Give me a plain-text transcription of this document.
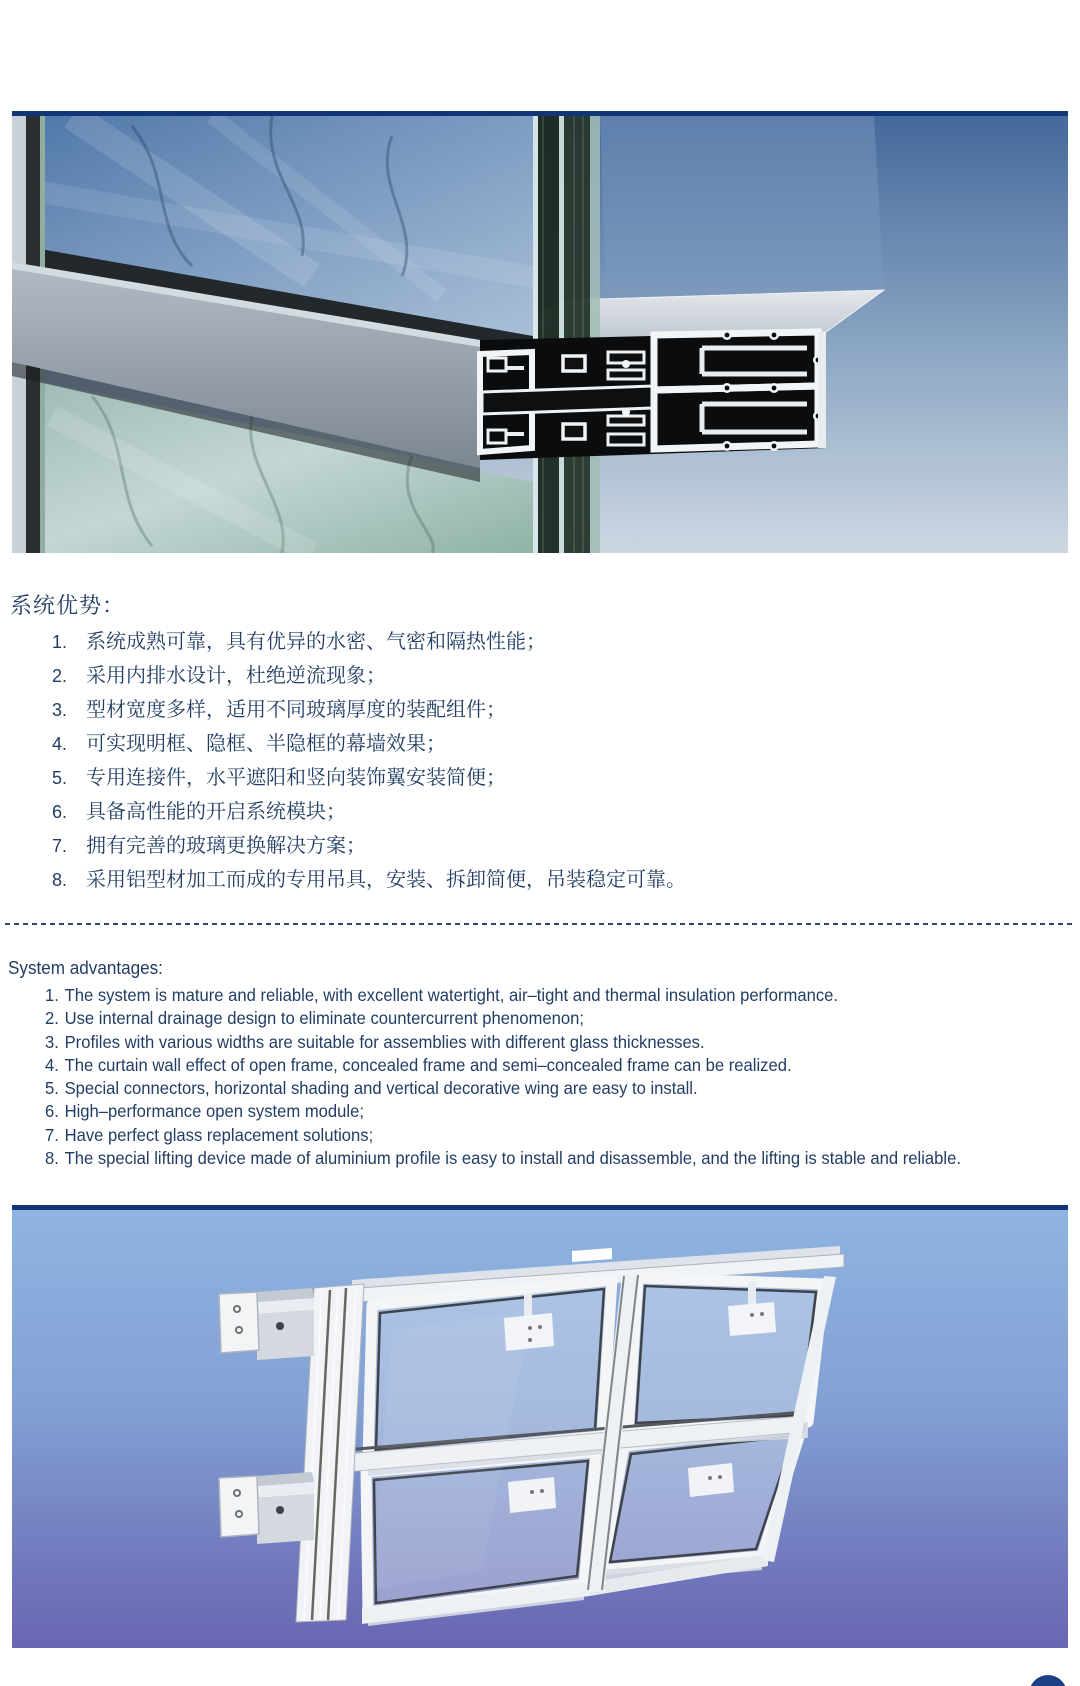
系统优势：
1. 系统成熟可靠，具有优异的水密、气密和隔热性能；
2. 采用内排水设计，杜绝逆流现象；
3. 型材宽度多样，适用不同玻璃厚度的装配组件；
4. 可实现明框、隐框、半隐框的幕墙效果；
5. 专用连接件，水平遮阳和竖向装饰翼安装简便；
6. 具备高性能的开启系统模块；
7. 拥有完善的玻璃更换解决方案；
8. 采用铝型材加工而成的专用吊具，安装、拆卸简便，吊装稳定可靠。
System advantages:
1. The system is mature and reliable, with excellent watertight, air–tight and thermal insulation performance.
2. Use internal drainage design to eliminate countercurrent phenomenon;
3. Profiles with various widths are suitable for assemblies with different glass thicknesses.
4. The curtain wall effect of open frame, concealed frame and semi–concealed frame can be realized.
5. Special connectors, horizontal shading and vertical decorative wing are easy to install.
6. High–performance open system module;
7. Have perfect glass replacement solutions;
8. The special lifting device made of aluminium profile is easy to install and disassemble, and the lifting is stable and reliable.
